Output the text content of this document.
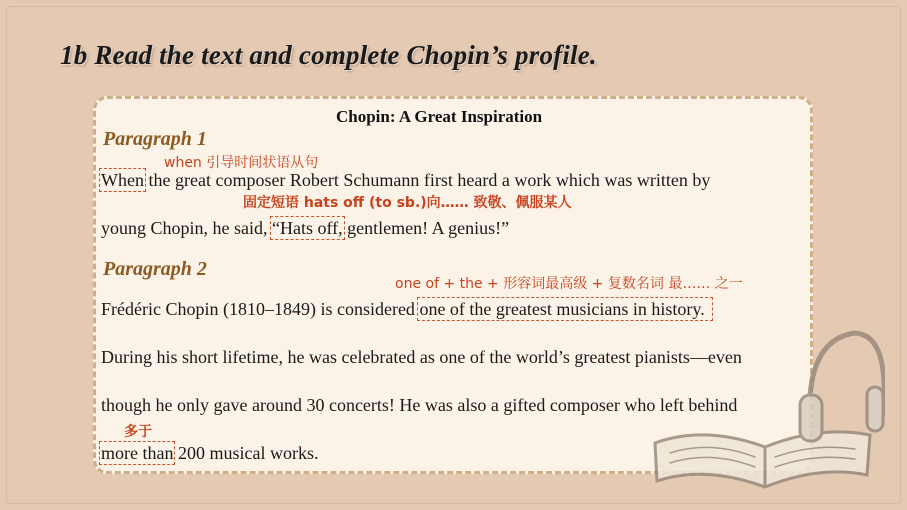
1b Read the text and complete Chopin’s profile.
Chopin: A Great Inspiration
Paragraph 1
when 引导时间状语从句
When the great composer Robert Schumann first heard a work which was written by
固定短语 hats off (to sb.)向…… 致敬、佩服某人
young Chopin, he said, “Hats off, gentlemen! A genius!”
Paragraph 2
one of + the + 形容词最高级 + 复数名词 最…… 之一
Frédéric Chopin (1810–1849) is considered one of the greatest musicians in history.
During his short lifetime, he was celebrated as one of the world’s greatest pianists—even
though he only gave around 30 concerts! He was also a gifted composer who left behind
多于
more than 200 musical works.
